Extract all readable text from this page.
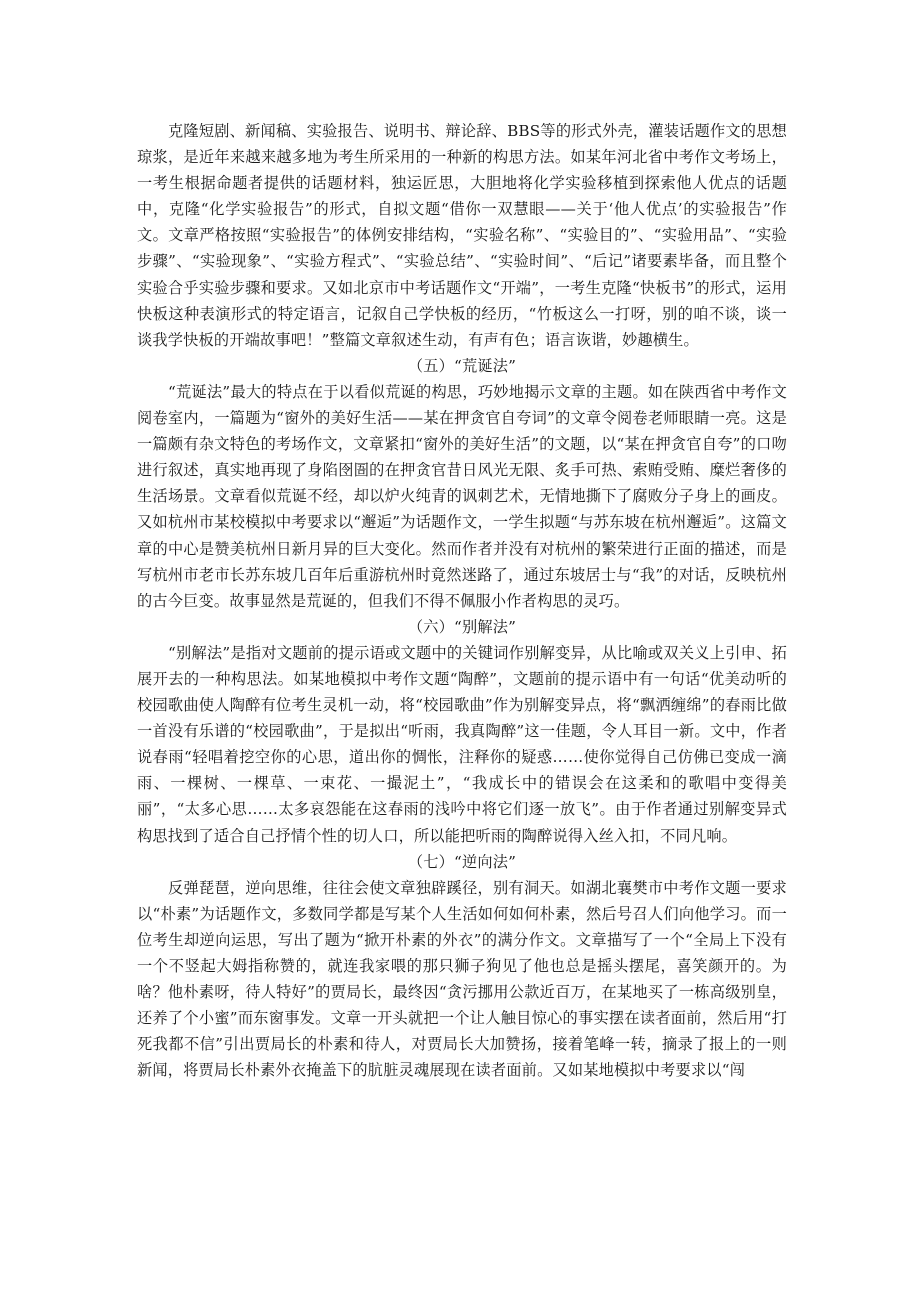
克隆短剧、新闻稿、实验报告、说明书、辩论辞、BBS等的形式外壳，灌装话题作文的思想琼浆，是近年来越来越多地为考生所采用的一种新的构思方法。如某年河北省中考作文考场上，一考生根据命题者提供的话题材料，独运匠思，大胆地将化学实验移植到探索他人优点的话题中，克隆“化学实验报告”的形式，自拟文题“借你一双慧眼——关于‘他人优点’的实验报告”作文。文章严格按照“实验报告”的体例安排结构，“实验名称”、“实验目的”、“实验用品”、“实验步骤”、“实验现象”、“实验方程式”、“实验总结”、“实验时间”、“后记”诸要素毕备，而且整个实验合乎实验步骤和要求。又如北京市中考话题作文“开端”，一考生克隆“快板书”的形式，运用快板这种表演形式的特定语言，记叙自己学快板的经历，“竹板这么一打呀，别的咱不谈，谈一谈我学快板的开端故事吧！”整篇文章叙述生动，有声有色；语言诙谐，妙趣横生。

（五）“荒诞法”

“荒诞法”最大的特点在于以看似荒诞的构思，巧妙地揭示文章的主题。如在陕西省中考作文阅卷室内，一篇题为“窗外的美好生活——某在押贪官自夸词”的文章令阅卷老师眼睛一亮。这是一篇颇有杂文特色的考场作文，文章紧扣“窗外的美好生活”的文题，以“某在押贪官自夸”的口吻进行叙述，真实地再现了身陷囹圄的在押贪官昔日风光无限、炙手可热、索贿受贿、糜烂奢侈的生活场景。文章看似荒诞不经，却以炉火纯青的讽刺艺术，无情地撕下了腐败分子身上的画皮。又如杭州市某校模拟中考要求以“邂逅”为话题作文，一学生拟题“与苏东坡在杭州邂逅”。这篇文章的中心是赞美杭州日新月异的巨大变化。然而作者并没有对杭州的繁荣进行正面的描述，而是写杭州市老市长苏东坡几百年后重游杭州时竟然迷路了，通过东坡居士与“我”的对话，反映杭州的古今巨变。故事显然是荒诞的，但我们不得不佩服小作者构思的灵巧。

（六）“别解法”

“别解法”是指对文题前的提示语或文题中的关键词作别解变异，从比喻或双关义上引申、拓展开去的一种构思法。如某地模拟中考作文题“陶醉”，文题前的提示语中有一句话“优美动听的校园歌曲使人陶醉有位考生灵机一动，将“校园歌曲”作为别解变异点，将“飘洒缠绵”的春雨比做一首没有乐谱的“校园歌曲”，于是拟出“听雨，我真陶醉”这一佳题，令人耳目一新。文中，作者说春雨“轻唱着挖空你的心思，道出你的惆怅，注释你的疑惑……使你觉得自己仿佛已变成一滴雨、一棵树、一棵草、一束花、一撮泥土”，“我成长中的错误会在这柔和的歌唱中变得美丽”，“太多心思……太多哀怨能在这春雨的浅吟中将它们逐一放飞”。由于作者通过别解变异式构思找到了适合自己抒情个性的切人口，所以能把听雨的陶醉说得入丝入扣，不同凡响。

（七）“逆向法”

反弹琵琶，逆向思维，往往会使文章独辟蹊径，别有洞天。如湖北襄樊市中考作文题一要求以“朴素”为话题作文，多数同学都是写某个人生活如何如何朴素，然后号召人们向他学习。而一位考生却逆向运思，写出了题为“掀开朴素的外衣”的满分作文。文章描写了一个“全局上下没有一个不竖起大姆指称赞的，就连我家喂的那只狮子狗见了他也总是摇头摆尾，喜笑颜开的。为啥？他朴素呀，待人特好”的贾局长，最终因“贪污挪用公款近百万，在某地买了一栋高级别皇，还养了个小蜜”而东窗事发。文章一开头就把一个让人触目惊心的事实摆在读者面前，然后用“打死我都不信”引出贾局长的朴素和待人，对贾局长大加赞扬，接着笔峰一转，摘录了报上的一则新闻，将贾局长朴素外衣掩盖下的肮脏灵魂展现在读者面前。又如某地模拟中考要求以“闯
